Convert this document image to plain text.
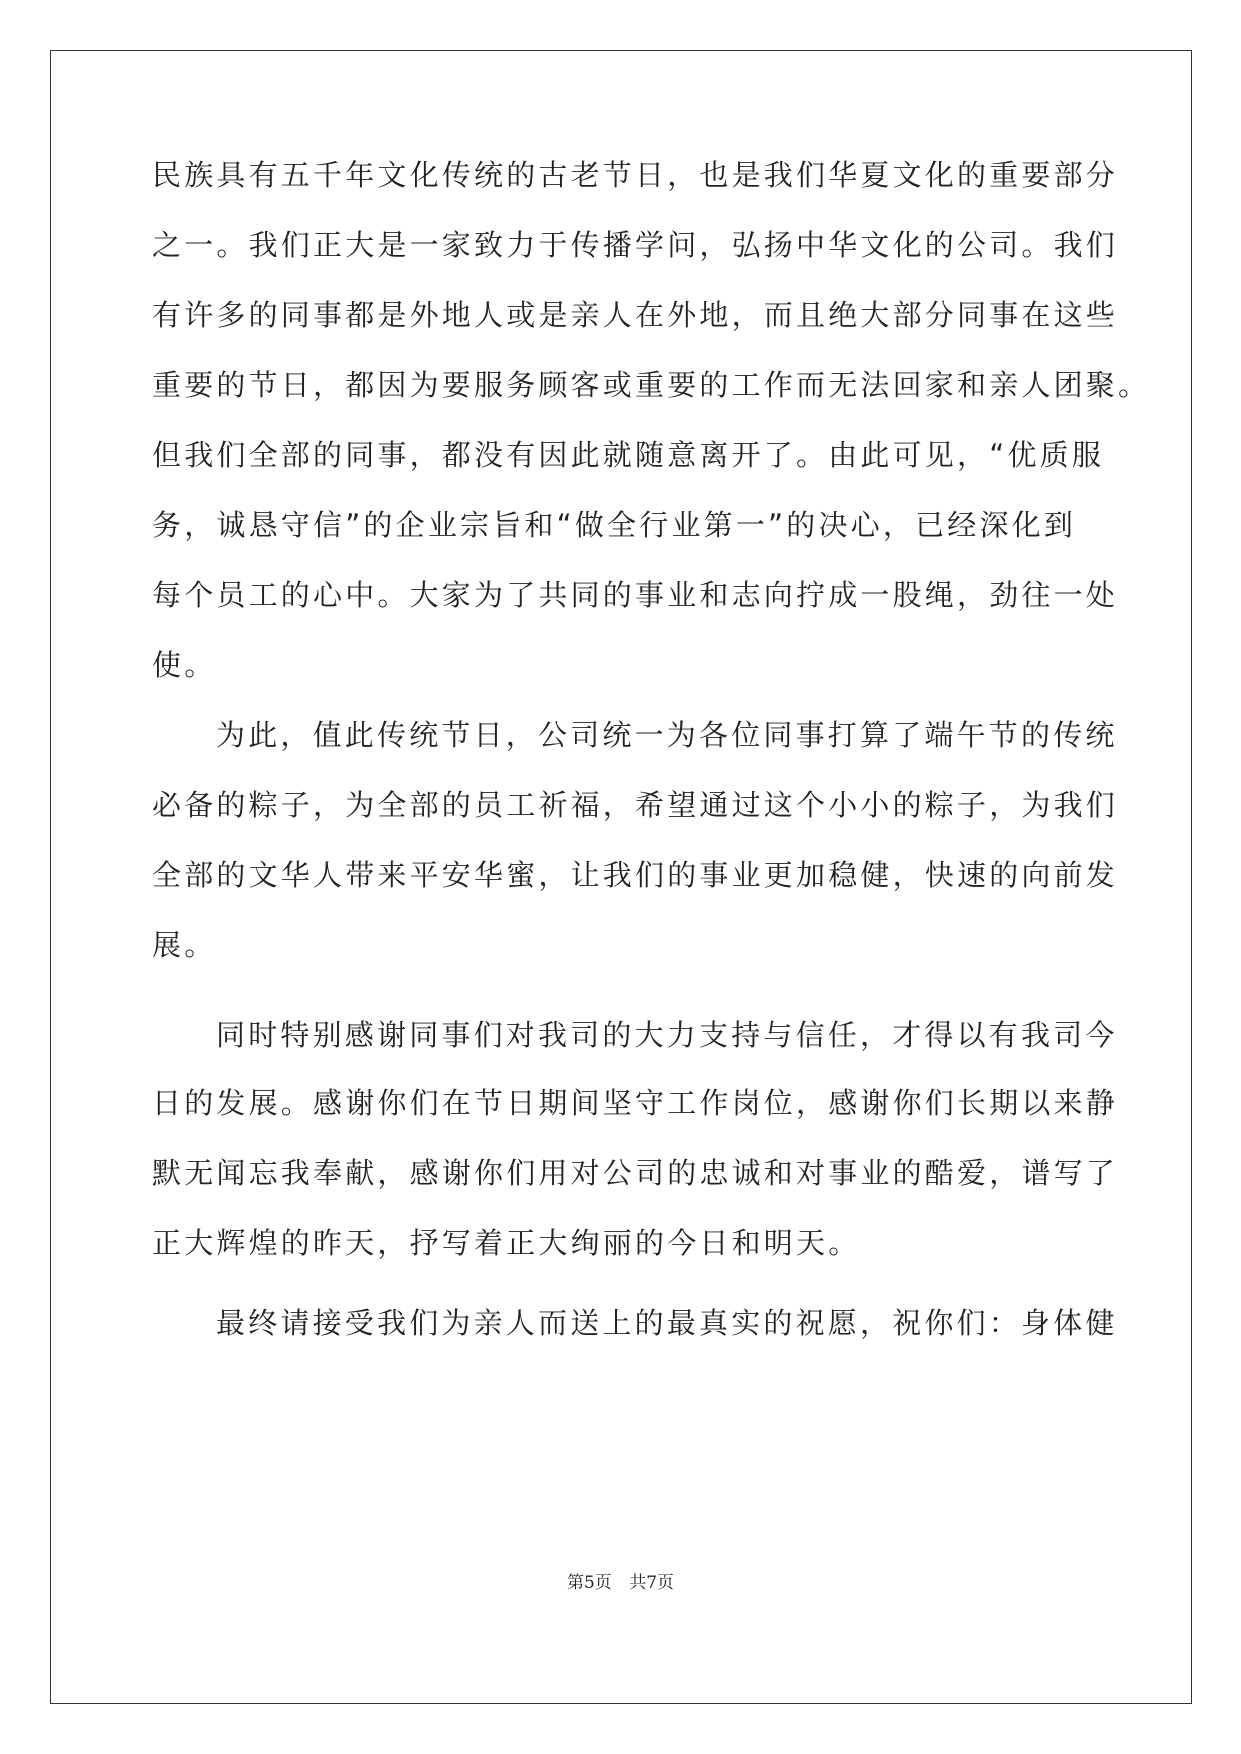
民族具有五千年文化传统的古老节日，也是我们华夏文化的重要部分

之一。我们正大是一家致力于传播学问，弘扬中华文化的公司。我们

有许多的同事都是外地人或是亲人在外地，而且绝大部分同事在这些

重要的节日，都因为要服务顾客或重要的工作而无法回家和亲人团聚。

但我们全部的同事，都没有因此就随意离开了。由此可见，“优质服

务，诚恳守信”的企业宗旨和“做全行业第一”的决心，已经深化到

每个员工的心中。大家为了共同的事业和志向拧成一股绳，劲往一处

使。

为此，值此传统节日，公司统一为各位同事打算了端午节的传统

必备的粽子，为全部的员工祈福，希望通过这个小小的粽子，为我们

全部的文华人带来平安华蜜，让我们的事业更加稳健，快速的向前发

展。

同时特别感谢同事们对我司的大力支持与信任，才得以有我司今

日的发展。感谢你们在节日期间坚守工作岗位，感谢你们长期以来静

默无闻忘我奉献，感谢你们用对公司的忠诚和对事业的酷爱，谱写了

正大辉煌的昨天，抒写着正大绚丽的今日和明天。

最终请接受我们为亲人而送上的最真实的祝愿，祝你们：身体健

第5页 共7页
